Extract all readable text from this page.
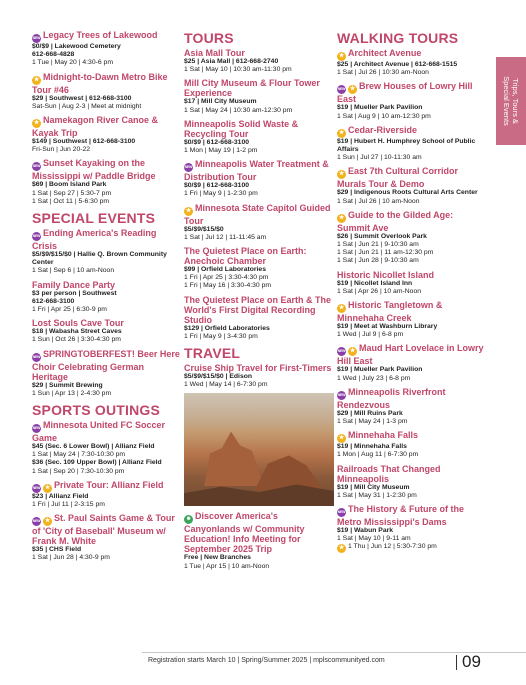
NEW Legacy Trees of Lakewood
$0/$9 | Lakewood Cemetery
612-668-4828
1 Tue | May 20 | 4:30-6 pm
★ Midnight-to-Dawn Metro Bike Tour #46
$29 | Southwest | 612-668-3100
Sat-Sun | Aug 2-3 | Meet at midnight
★ Namekagon River Canoe & Kayak Trip
$149 | Southwest | 612-668-3100
Fri-Sun | Jun 20-22
NEW Sunset Kayaking on the Mississippi w/ Paddle Bridge
$69 | Boom Island Park
1 Sat | Sep 27 | 5:30-7 pm
1 Sat | Oct 11 | 5-6:30 pm
SPECIAL EVENTS
NEW Ending America's Reading Crisis
$5/$9/$15/$0 | Hallie Q. Brown Community Center
1 Sat | Sep 6 | 10 am-Noon
Family Dance Party
$3 per person | Southwest
612-668-3100
1 Fri | Apr 25 | 6:30-9 pm
Lost Souls Cave Tour
$18 | Wabasha Street Caves
1 Sun | Oct 26 | 3:30-4:30 pm
NEW SPRINGTOBERFEST! Beer Here Choir Celebrating German Heritage
$29 | Summit Brewing
1 Sun | Apr 13 | 2-4:30 pm
SPORTS OUTINGS
NEW Minnesota United FC Soccer Game
$45 (Sec. 6 Lower Bowl) | Allianz Field
1 Sat | May 24 | 7:30-10:30 pm
$36 (Sec. 109 Upper Bowl) | Allianz Field
1 Sat | Sep 20 | 7:30-10:30 pm
NEW ★ Private Tour: Allianz Field
$23 | Allianz Field
1 Fri | Jul 11 | 2-3:15 pm
NEW ★ St. Paul Saints Game & Tour of 'City of Baseball' Museum w/ Frank M. White
$35 | CHS Field
1 Sat | Jun 28 | 4:30-9 pm
TOURS
Asia Mall Tour
$25 | Asia Mall | 612-668-2740
1 Sat | May 10 | 10:30 am-11:30 pm
Mill City Museum & Flour Tower Experience
$17 | Mill City Museum
1 Sat | May 24 | 10:30 am-12:30 pm
Minneapolis Solid Waste & Recycling Tour
$0/$9 | 612-668-3100
1 Mon | May 19 | 1-2 pm
NEW Minneapolis Water Treatment & Distribution Tour
$0/$9 | 612-668-3100
1 Fri | May 9 | 1-2:30 pm
★ Minnesota State Capitol Guided Tour
$5/$9/$15/$0
1 Sat | Jul 12 | 11-11:45 am
The Quietest Place on Earth: Anechoic Chamber
$99 | Orfield Laboratories
1 Fri | Apr 25 | 3:30-4:30 pm
1 Fri | May 16 | 3:30-4:30 pm
The Quietest Place on Earth & The World's First Digital Recording Studio
$129 | Orfield Laboratories
1 Fri | May 9 | 3-4:30 pm
TRAVEL
Cruise Ship Travel for First-Timers
$5/$9/$15/$0 | Edison
1 Wed | May 14 | 6-7:30 pm
☻ Discover America's Canyonlands w/ Community Education! Info Meeting for September 2025 Trip
Free | New Branches
1 Tue | Apr 15 | 10 am-Noon
WALKING TOURS
★ Architect Avenue
$25 | Architect Avenue | 612-668-1515
1 Sat | Jul 26 | 10:30 am-Noon
NEW ★ Brew Houses of Lowry Hill East
$19 | Mueller Park Pavilion
1 Sat | Aug 9 | 10 am-12:30 pm
★ Cedar-Riverside
$19 | Hubert H. Humphrey School of Public Affairs
1 Sun | Jul 27 | 10-11:30 am
★ East 7th Cultural Corridor Murals Tour & Demo
$29 | Indigenous Roots Cultural Arts Center
1 Sat | Jul 26 | 10 am-Noon
★ Guide to the Gilded Age: Summit Ave
$26 | Summit Overlook Park
1 Sat | Jun 21 | 9-10:30 am
1 Sat | Jun 21 | 11 am-12:30 pm
1 Sat | Jun 28 | 9-10:30 am
Historic Nicollet Island
$19 | Nicollet Island Inn
1 Sat | Apr 26 | 10 am-Noon
★ Historic Tangletown & Minnehaha Creek
$19 | Meet at Washburn Library
1 Wed | Jul 9 | 6-8 pm
NEW ★ Maud Hart Lovelace in Lowry Hill East
$19 | Mueller Park Pavilion
1 Wed | July 23 | 6-8 pm
NEW Minneapolis Riverfront Rendezvous
$29 | Mill Ruins Park
1 Sat | May 24 | 1-3 pm
★ Minnehaha Falls
$19 | Minnehaha Falls
1 Mon | Aug 11 | 6-7:30 pm
Railroads That Changed Minneapolis
$19 | Mill City Museum
1 Sat | May 31 | 1-2:30 pm
NEW The History & Future of the Metro Mississippi's Dams
$19 | Wabun Park
1 Sat | May 10 | 9-11 am
★ 1 Thu | Jun 12 | 5:30-7:30 pm
Trips, Tours &
Special Events
Registration starts March 10 | Spring/Summer 2025 | mplscommunityed.com	09
